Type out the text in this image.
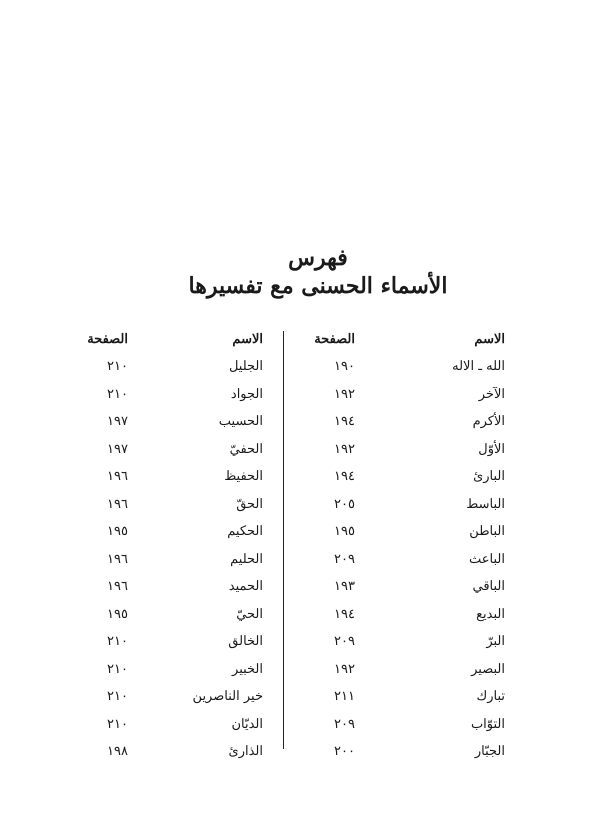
فهرس
الأسماء الحسنى مع تفسيرها
الاسم
الصفحة
الله ـ الاله
١٩٠
الآخر
١٩٢
الأكرم
١٩٤
الأوّل
١٩٢
البارئ
١٩٤
الباسط
٢٠٥
الباطن
١٩٥
الباعث
٢٠٩
الباقي
١٩٣
البديع
١٩٤
البرّ
٢٠٩
البصير
١٩٢
تبارك
٢١١
التوّاب
٢٠٩
الجبّار
٢٠٠
الاسم
الصفحة
الجليل
٢١٠
الجواد
٢١٠
الحسيب
١٩٧
الحفيّ
١٩٧
الحفيظ
١٩٦
الحقّ
١٩٦
الحكيم
١٩٥
الحليم
١٩٦
الحميد
١٩٦
الحيّ
١٩٥
الخالق
٢١٠
الخبير
٢١٠
خير الناصرين
٢١٠
الديّان
٢١٠
الذارئ
١٩٨
